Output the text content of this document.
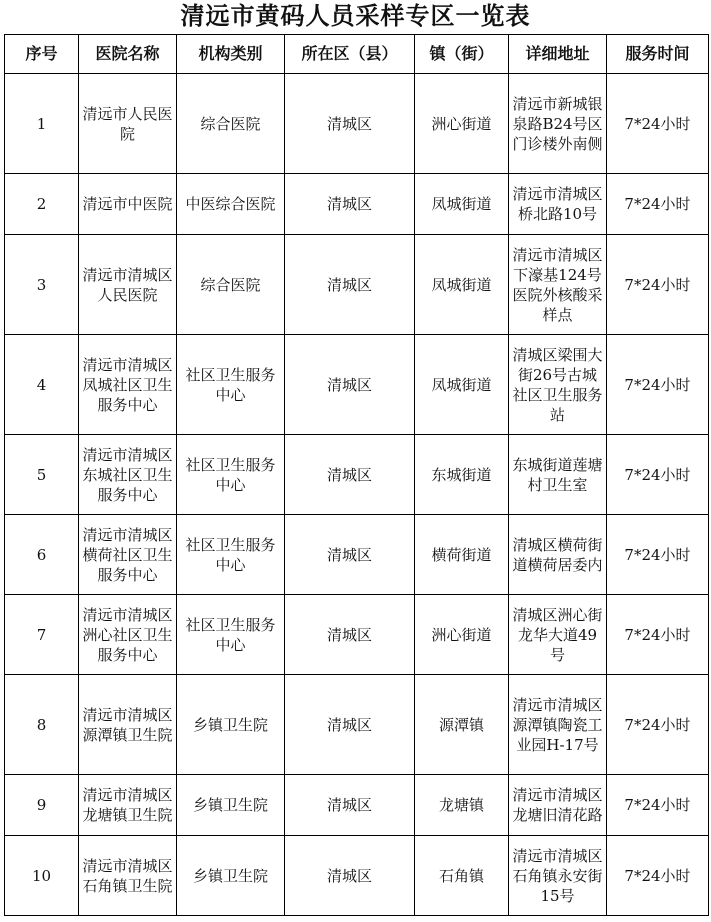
清远市黄码人员采样专区一览表
序号	医院名称	机构类别	所在区（县）	镇（街）	详细地址	服务时间
1	清远市人民医院	综合医院	清城区	洲心街道	清远市新城银泉路B24号区门诊楼外南侧	7*24小时
2	清远市中医院	中医综合医院	清城区	凤城街道	清远市清城区桥北路10号	7*24小时
3	清远市清城区人民医院	综合医院	清城区	凤城街道	清远市清城区下濠基124号医院外核酸采样点	7*24小时
4	清远市清城区凤城社区卫生服务中心	社区卫生服务中心	清城区	凤城街道	清城区梁围大街26号古城社区卫生服务站	7*24小时
5	清远市清城区东城社区卫生服务中心	社区卫生服务中心	清城区	东城街道	东城街道莲塘村卫生室	7*24小时
6	清远市清城区横荷社区卫生服务中心	社区卫生服务中心	清城区	横荷街道	清城区横荷街道横荷居委内	7*24小时
7	清远市清城区洲心社区卫生服务中心	社区卫生服务中心	清城区	洲心街道	清城区洲心街龙华大道49号	7*24小时
8	清远市清城区源潭镇卫生院	乡镇卫生院	清城区	源潭镇	清远市清城区源潭镇陶瓷工业园H-17号	7*24小时
9	清远市清城区龙塘镇卫生院	乡镇卫生院	清城区	龙塘镇	清远市清城区龙塘旧清花路	7*24小时
10	清远市清城区石角镇卫生院	乡镇卫生院	清城区	石角镇	清远市清城区石角镇永安街15号	7*24小时
